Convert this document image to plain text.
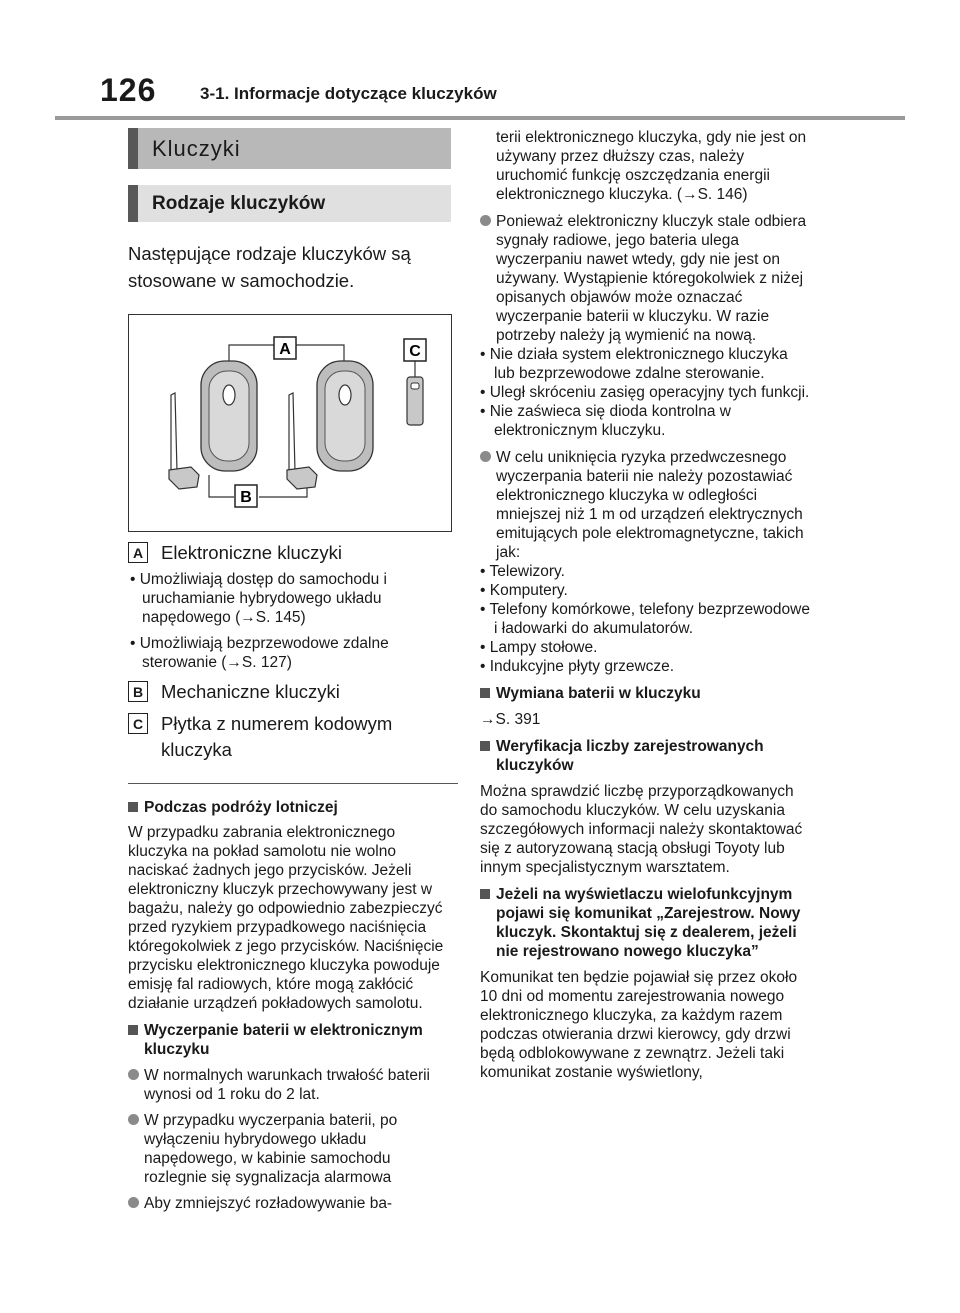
126	3-1. Informacje dotyczące kluczyków
Kluczyki
Rodzaje kluczyków
Następujące rodzaje kluczyków są stosowane w samochodzie.
A	C
B
A Elektroniczne kluczyki
• Umożliwiają dostęp do samochodu i uruchamianie hybrydowego układu napędowego (→S. 145)
• Umożliwiają bezprzewodowe zdalne sterowanie (→S. 127)
B Mechaniczne kluczyki
C Płytka z numerem kodowym kluczyka
Podczas podróży lotniczej
W przypadku zabrania elektronicznego kluczyka na pokład samolotu nie wolno naciskać żadnych jego przycisków. Jeżeli elektroniczny kluczyk przechowywany jest w bagażu, należy go odpowiednio zabezpieczyć przed ryzykiem przypadkowego naciśnięcia któregokolwiek z jego przycisków. Naciśnięcie przycisku elektronicznego kluczyka powoduje emisję fal radiowych, które mogą zakłócić działanie urządzeń pokładowych samolotu.
Wyczerpanie baterii w elektronicznym kluczyku
W normalnych warunkach trwałość baterii wynosi od 1 roku do 2 lat.
W przypadku wyczerpania baterii, po wyłączeniu hybrydowego układu napędowego, w kabinie samochodu rozlegnie się sygnalizacja alarmowa
Aby zmniejszyć rozładowywanie ba-
terii elektronicznego kluczyka, gdy nie jest on używany przez dłuższy czas, należy uruchomić funkcję oszczędzania energii elektronicznego kluczyka. (→S. 146)
Ponieważ elektroniczny kluczyk stale odbiera sygnały radiowe, jego bateria ulega wyczerpaniu nawet wtedy, gdy nie jest on używany. Wystąpienie któregokolwiek z niżej opisanych objawów może oznaczać wyczerpanie baterii w kluczyku. W razie potrzeby należy ją wymienić na nową.
• Nie działa system elektronicznego kluczyka lub bezprzewodowe zdalne sterowanie.
• Uległ skróceniu zasięg operacyjny tych funkcji.
• Nie zaświeca się dioda kontrolna w elektronicznym kluczyku.
W celu uniknięcia ryzyka przedwczesnego wyczerpania baterii nie należy pozostawiać elektronicznego kluczyka w odległości mniejszej niż 1 m od urządzeń elektrycznych emitujących pole elektromagnetyczne, takich jak:
• Telewizory.
• Komputery.
• Telefony komórkowe, telefony bezprzewodowe i ładowarki do akumulatorów.
• Lampy stołowe.
• Indukcyjne płyty grzewcze.
Wymiana baterii w kluczyku
→S. 391
Weryfikacja liczby zarejestrowanych kluczyków
Można sprawdzić liczbę przyporządkowanych do samochodu kluczyków. W celu uzyskania szczegółowych informacji należy skontaktować się z autoryzowaną stacją obsługi Toyoty lub innym specjalistycznym warsztatem.
Jeżeli na wyświetlaczu wielofunkcyjnym pojawi się komunikat „Zarejestrow. Nowy kluczyk. Skontaktuj się z dealerem, jeżeli nie rejestrowano nowego kluczyka”
Komunikat ten będzie pojawiał się przez około 10 dni od momentu zarejestrowania nowego elektronicznego kluczyka, za każdym razem podczas otwierania drzwi kierowcy, gdy drzwi będą odblokowywane z zewnątrz. Jeżeli taki komunikat zostanie wyświetlony,
